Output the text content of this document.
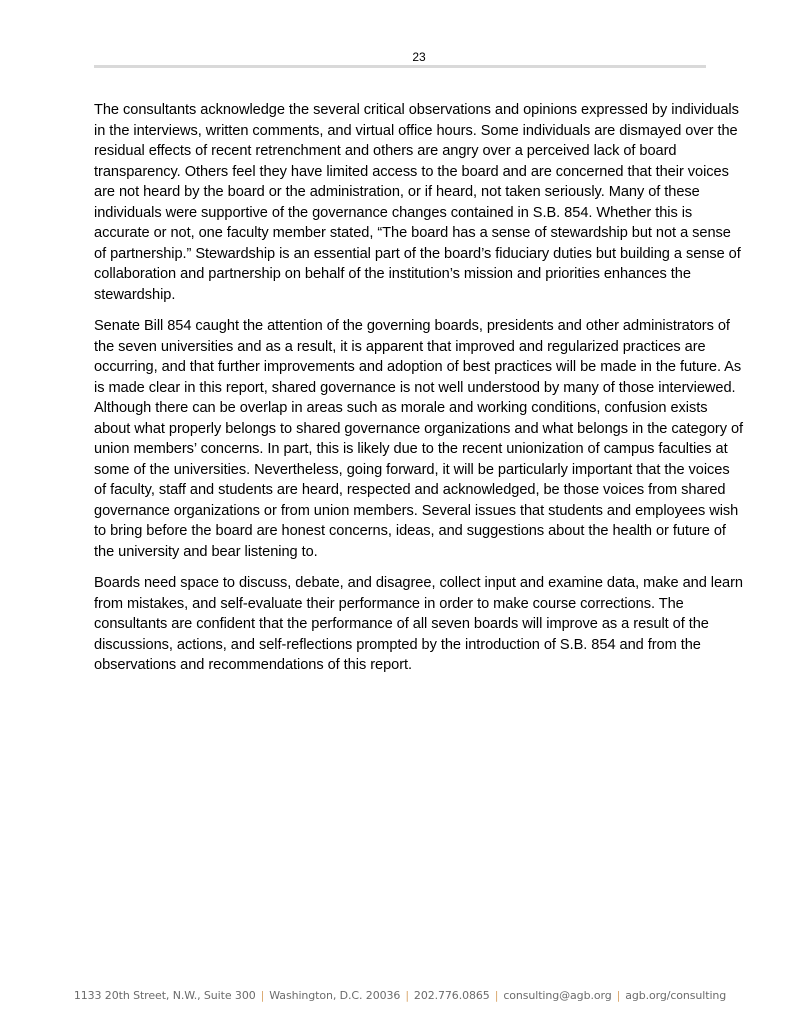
23

The consultants acknowledge the several critical observations and opinions expressed by individuals in the interviews, written comments, and virtual office hours. Some individuals are dismayed over the residual effects of recent retrenchment and others are angry over a perceived lack of board transparency. Others feel they have limited access to the board and are concerned that their voices are not heard by the board or the administration, or if heard, not taken seriously. Many of these individuals were supportive of the governance changes contained in S.B. 854. Whether this is accurate or not, one faculty member stated, “The board has a sense of stewardship but not a sense of partnership.” Stewardship is an essential part of the board’s fiduciary duties but building a sense of collaboration and partnership on behalf of the institution’s mission and priorities enhances the stewardship.

Senate Bill 854 caught the attention of the governing boards, presidents and other administrators of the seven universities and as a result, it is apparent that improved and regularized practices are occurring, and that further improvements and adoption of best practices will be made in the future. As is made clear in this report, shared governance is not well understood by many of those interviewed. Although there can be overlap in areas such as morale and working conditions, confusion exists about what properly belongs to shared governance organizations and what belongs in the category of union members’ concerns. In part, this is likely due to the recent unionization of campus faculties at some of the universities. Nevertheless, going forward, it will be particularly important that the voices of faculty, staff and students are heard, respected and acknowledged, be those voices from shared governance organizations or from union members. Several issues that students and employees wish to bring before the board are honest concerns, ideas, and suggestions about the health or future of the university and bear listening to.

Boards need space to discuss, debate, and disagree, collect input and examine data, make and learn from mistakes, and self-evaluate their performance in order to make course corrections. The consultants are confident that the performance of all seven boards will improve as a result of the discussions, actions, and self-reflections prompted by the introduction of S.B. 854 and from the observations and recommendations of this report.

1133 20th Street, N.W., Suite 300 | Washington, D.C. 20036 | 202.776.0865 | consulting@agb.org | agb.org/consulting
